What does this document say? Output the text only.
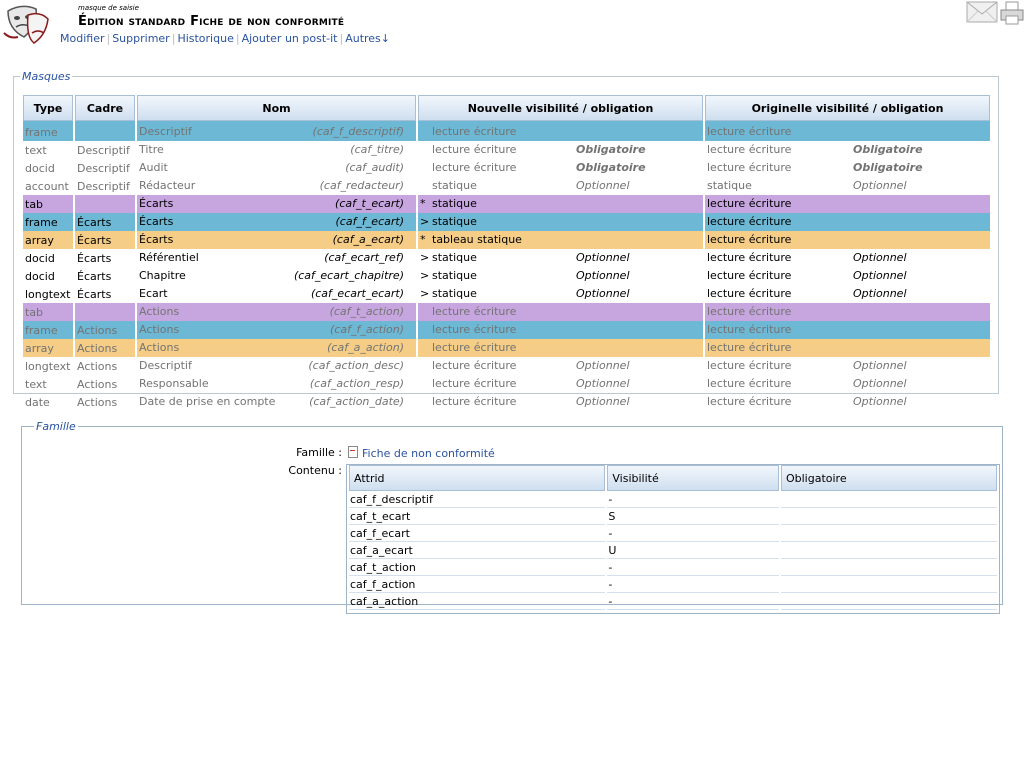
masque de saisie
Édition standard Fiche de non conformité
Modifier | Supprimer | Historique | Ajouter un post-it | Autres↓
Masques
Type	Cadre	Nom	Nouvelle visibilité / obligation	Originelle visibilité / obligation
frame		Descriptif (caf_f_descriptif)	lecture écriture	lecture écriture

text	Descriptif	Titre (caf_titre)	lecture écriture Obligatoire	lecture écriture Obligatoire

docid	Descriptif	Audit (caf_audit)	lecture écriture Obligatoire	lecture écriture Obligatoire

account	Descriptif	Rédacteur (caf_redacteur)	statique Optionnel	statique Optionnel

tab		Écarts (caf_t_ecart)	* statique	lecture écriture

frame	Écarts	Écarts (caf_f_ecart)	> statique	lecture écriture

array	Écarts	Écarts (caf_a_ecart)	* tableau statique	lecture écriture

docid	Écarts	Référentiel (caf_ecart_ref)	> statique Optionnel	lecture écriture Optionnel

docid	Écarts	Chapitre (caf_ecart_chapitre)	> statique Optionnel	lecture écriture Optionnel

longtext	Écarts	Ecart (caf_ecart_ecart)	> statique Optionnel	lecture écriture Optionnel

tab		Actions (caf_t_action)	lecture écriture	lecture écriture

frame	Actions	Actions (caf_f_action)	lecture écriture	lecture écriture

array	Actions	Actions (caf_a_action)	lecture écriture	lecture écriture

longtext	Actions	Descriptif (caf_action_desc)	lecture écriture Optionnel	lecture écriture Optionnel

text	Actions	Responsable (caf_action_resp)	lecture écriture Optionnel	lecture écriture Optionnel

date	Actions	Date de prise en compte (caf_action_date)	lecture écriture Optionnel	lecture écriture Optionnel
Famille
Famille :	Fiche de non conformité
Contenu :
Attrid	Visibilité	Obligatoire
caf_f_descriptif	-	
caf_t_ecart	S	
caf_f_ecart	-	
caf_a_ecart	U	
caf_t_action	-	
caf_f_action	-	
caf_a_action	-	
